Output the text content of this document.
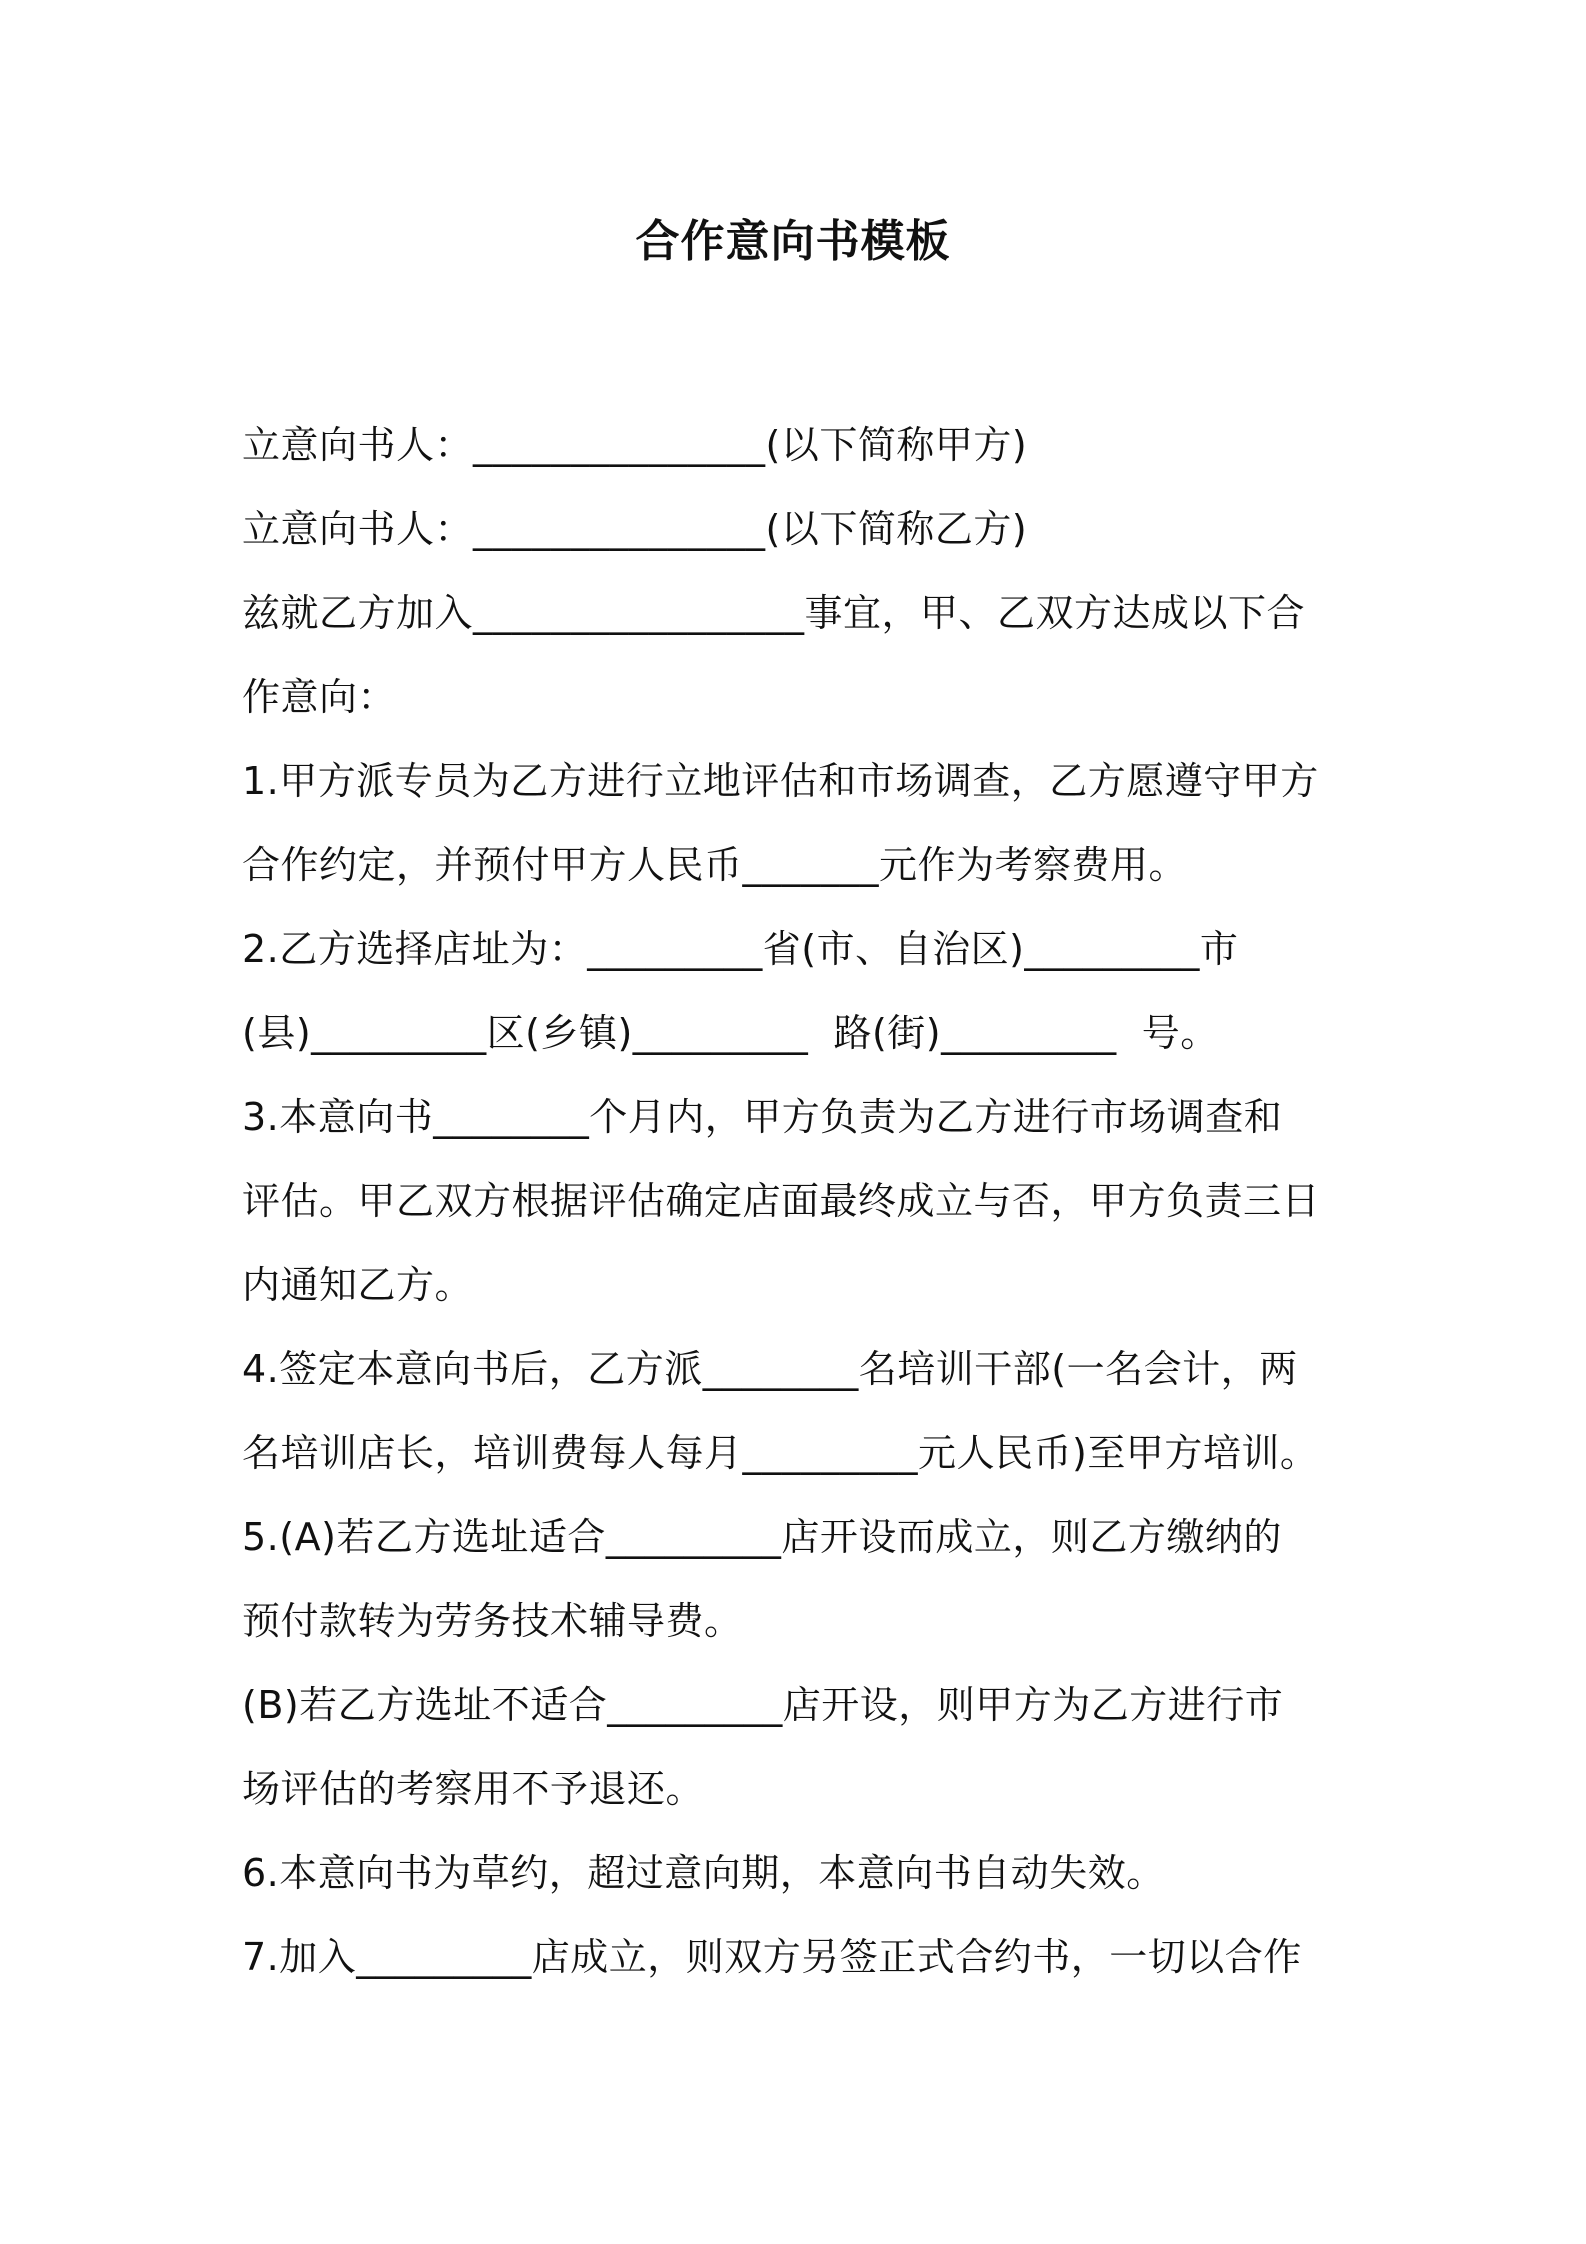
合作意向书模板
立意向书人：_______________(以下简称甲方)
立意向书人：_______________(以下简称乙方)
兹就乙方加入_________________事宜，甲、乙双方达成以下合
作意向：
1.甲方派专员为乙方进行立地评估和市场调查，乙方愿遵守甲方
合作约定，并预付甲方人民币_______元作为考察费用。
2.乙方选择店址为：_________省(市、自治区)_________市
(县)_________区(乡镇)_________  路(街)_________  号。
3.本意向书________个月内，甲方负责为乙方进行市场调查和
评估。甲乙双方根据评估确定店面最终成立与否，甲方负责三日
内通知乙方。
4.签定本意向书后，乙方派________名培训干部(一名会计，两
名培训店长，培训费每人每月_________元人民币)至甲方培训。
5.(A)若乙方选址适合_________店开设而成立，则乙方缴纳的
预付款转为劳务技术辅导费。
(B)若乙方选址不适合_________店开设，则甲方为乙方进行市
场评估的考察用不予退还。
6.本意向书为草约，超过意向期，本意向书自动失效。
7.加入_________店成立，则双方另签正式合约书，一切以合作
